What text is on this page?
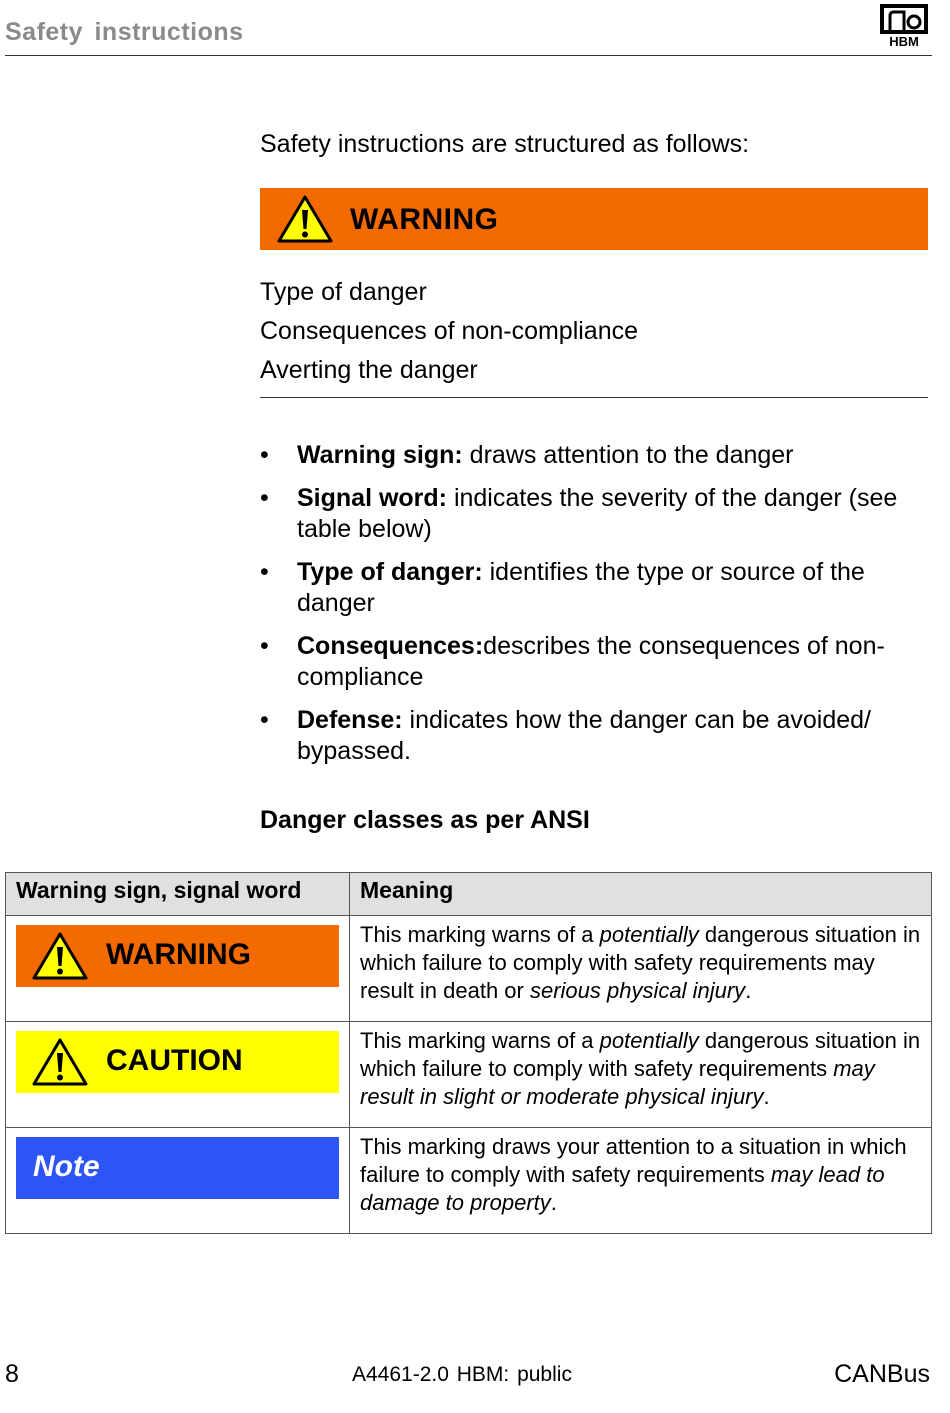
Safety instructions	HBM
Safety instructions are structured as follows:
WARNING
Type of danger
Consequences of non-compliance
Averting the danger
• Warning sign: draws attention to the danger
• Signal word: indicates the severity of the danger (see table below)
• Type of danger: identifies the type or source of the danger
• Consequences:describes the consequences of non-compliance
• Defense: indicates how the danger can be avoided/ bypassed.
Danger classes as per ANSI
Warning sign, signal word	Meaning

WARNING	This marking warns of a potentially dangerous situation in which failure to comply with safety requirements may result in death or serious physical injury.

CAUTION	This marking warns of a potentially dangerous situation in which failure to comply with safety requirements may result in slight or moderate physical injury.

Note	This marking draws your attention to a situation in which failure to comply with safety requirements may lead to damage to property.
8	A4461-2.0 HBM: public	CANBus
